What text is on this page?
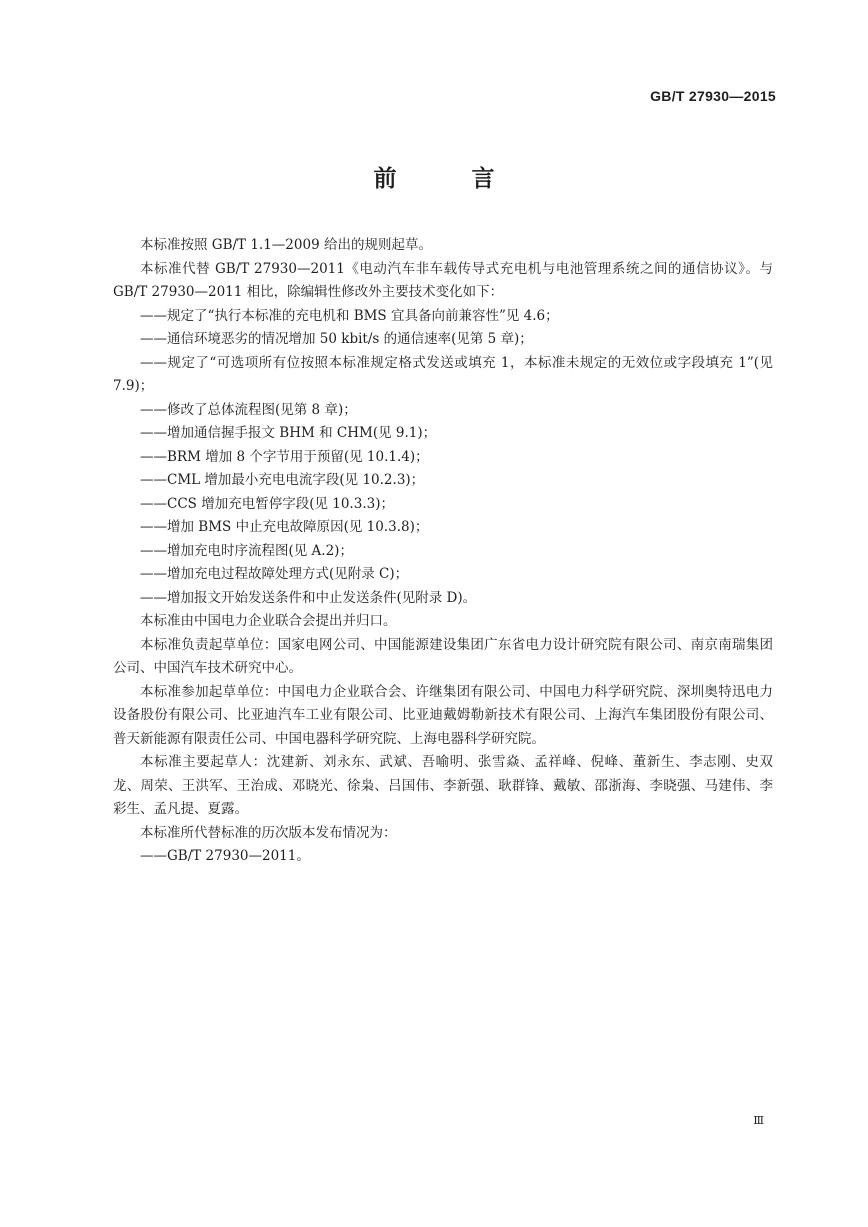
GB/T 27930—2015
前　言

本标准按照 GB/T 1.1—2009 给出的规则起草。

本标准代替 GB/T 27930—2011《电动汽车非车载传导式充电机与电池管理系统之间的通信协议》。与 GB/T 27930—2011 相比，除编辑性修改外主要技术变化如下：

——规定了“执行本标准的充电机和 BMS 宜具备向前兼容性”见 4.6；

——通信环境恶劣的情况增加 50 kbit/s 的通信速率(见第 5 章)；

——规定了“可选项所有位按照本标准规定格式发送或填充 1，本标准未规定的无效位或字段填充 1”(见 7.9)；

——修改了总体流程图(见第 8 章)；

——增加通信握手报文 BHM 和 CHM(见 9.1)；

——BRM 增加 8 个字节用于预留(见 10.1.4)；

——CML 增加最小充电电流字段(见 10.2.3)；

——CCS 增加充电暂停字段(见 10.3.3)；

——增加 BMS 中止充电故障原因(见 10.3.8)；

——增加充电时序流程图(见 A.2)；

——增加充电过程故障处理方式(见附录 C)；

——增加报文开始发送条件和中止发送条件(见附录 D)。

本标准由中国电力企业联合会提出并归口。

本标准负责起草单位：国家电网公司、中国能源建设集团广东省电力设计研究院有限公司、南京南瑞集团公司、中国汽车技术研究中心。

本标准参加起草单位：中国电力企业联合会、许继集团有限公司、中国电力科学研究院、深圳奥特迅电力设备股份有限公司、比亚迪汽车工业有限公司、比亚迪戴姆勒新技术有限公司、上海汽车集团股份有限公司、普天新能源有限责任公司、中国电器科学研究院、上海电器科学研究院。

本标准主要起草人：沈建新、刘永东、武斌、吾喻明、张雪焱、孟祥峰、倪峰、董新生、李志刚、史双龙、周荣、王洪军、王治成、邓晓光、徐枭、吕国伟、李新强、耿群锋、戴敏、邵浙海、李晓强、马建伟、李彩生、孟凡提、夏露。

本标准所代替标准的历次版本发布情况为：

——GB/T 27930—2011。

Ⅲ
